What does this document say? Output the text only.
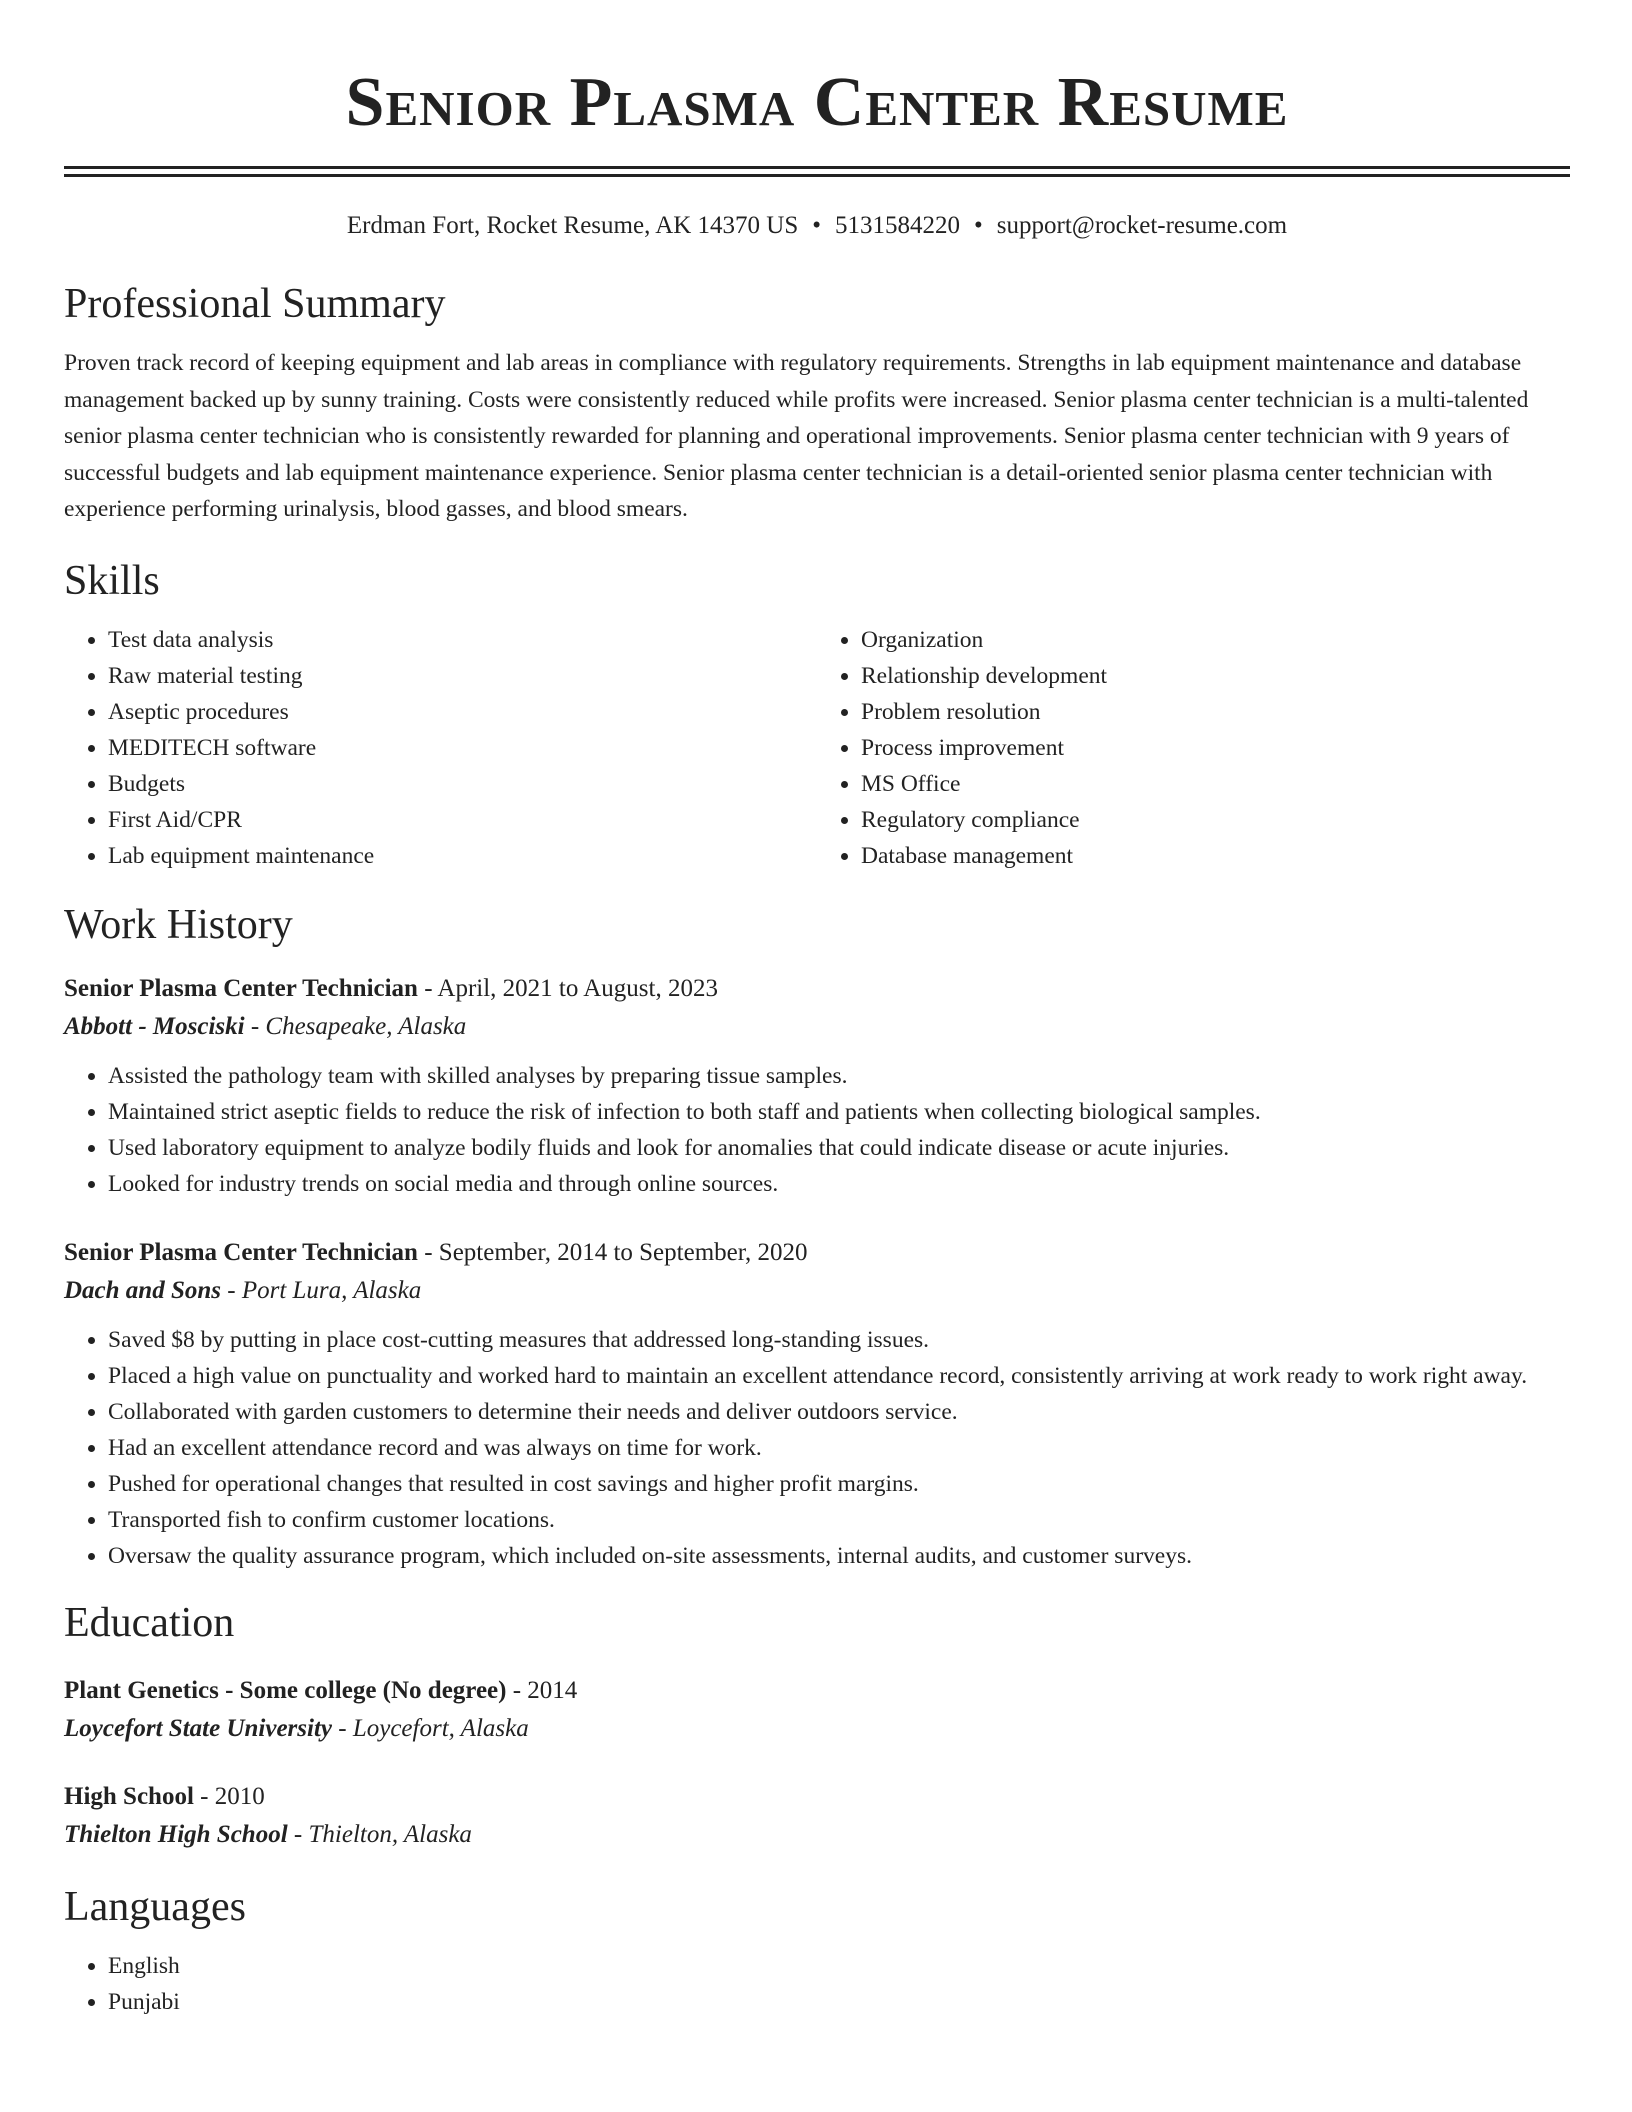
Senior Plasma Center Resume
Erdman Fort, Rocket Resume, AK 14370 US • 5131584220 • support@rocket-resume.com
Professional Summary

Proven track record of keeping equipment and lab areas in compliance with regulatory requirements. Strengths in lab equipment maintenance and database management backed up by sunny training. Costs were consistently reduced while profits were increased. Senior plasma center technician is a multi-talented senior plasma center technician who is consistently rewarded for planning and operational improvements. Senior plasma center technician with 9 years of successful budgets and lab equipment maintenance experience. Senior plasma center technician is a detail-oriented senior plasma center technician with experience performing urinalysis, blood gasses, and blood smears.

Skills
• Test data analysis
• Raw material testing
• Aseptic procedures
• MEDITECH software
• Budgets
• First Aid/CPR
• Lab equipment maintenance
• Organization
• Relationship development
• Problem resolution
• Process improvement
• MS Office
• Regulatory compliance
• Database management
Work History
Senior Plasma Center Technician - April, 2021 to August, 2023
Abbott - Mosciski - Chesapeake, Alaska
• Assisted the pathology team with skilled analyses by preparing tissue samples.
• Maintained strict aseptic fields to reduce the risk of infection to both staff and patients when collecting biological samples.
• Used laboratory equipment to analyze bodily fluids and look for anomalies that could indicate disease or acute injuries.
• Looked for industry trends on social media and through online sources.
Senior Plasma Center Technician - September, 2014 to September, 2020
Dach and Sons - Port Lura, Alaska
• Saved $8 by putting in place cost-cutting measures that addressed long-standing issues.
• Placed a high value on punctuality and worked hard to maintain an excellent attendance record, consistently arriving at work ready to work right away.
• Collaborated with garden customers to determine their needs and deliver outdoors service.
• Had an excellent attendance record and was always on time for work.
• Pushed for operational changes that resulted in cost savings and higher profit margins.
• Transported fish to confirm customer locations.
• Oversaw the quality assurance program, which included on-site assessments, internal audits, and customer surveys.
Education
Plant Genetics - Some college (No degree) - 2014
Loycefort State University - Loycefort, Alaska
High School - 2010
Thielton High School - Thielton, Alaska
Languages
• English
• Punjabi
